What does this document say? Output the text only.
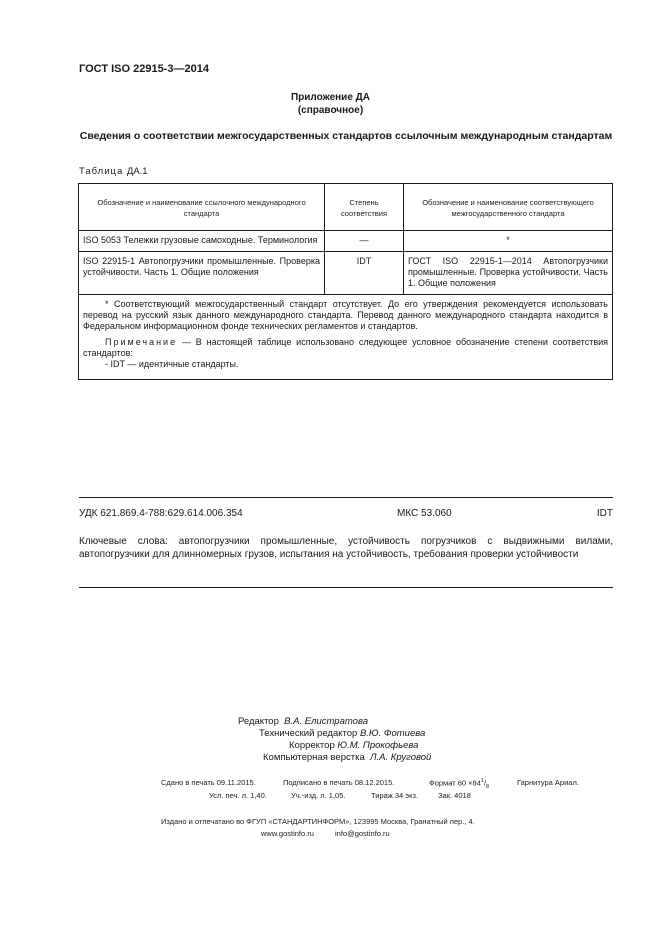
ГОСТ ISO 22915-3—2014
Приложение ДА
(справочное)
Сведения о соответствии межгосударственных стандартов ссылочным международным стандартам
Таблица ДА.1
Обозначение и наименование ссылочного международного стандарта	Степень соответствия	Обозначение и наименование соответствующего межгосударственного стандарта
ISO 5053 Тележки грузовые самоходные. Терминология	—	*
ISO 22915-1 Автопогрузчики промышленные. Проверка устойчивости. Часть 1. Общие положения	IDT	ГОСТ ISO 22915-1—2014 Автопогрузчики промышленные. Проверка устойчивости. Часть 1. Общие положения

* Соответствующий межгосударственный стандарт отсутствует. До его утверждения рекомендуется использовать перевод на русский язык данного международного стандарта. Перевод данного международного стандарта находится в Федеральном информационном фонде технических регламентов и стандартов.

Примечание — В настоящей таблице использовано следующее условное обозначение степени соответствия стандартов:

- IDT — идентичные стандарты.		

УДК 621.869.4-788:629.614.006.354	МКС 53.060	IDT
Ключевые слова: автопогрузчики промышленные, устойчивость погрузчиков с выдвижными вилами, автопогрузчики для длинномерных грузов, испытания на устойчивость, требования проверки устойчивости
Редактор В.А. Елистратова
Технический редактор В.Ю. Фотиева
Корректор Ю.М. Прокофьева
Компьютерная верстка Л.А. Круговой
Сдано в печать 09.11.2015.	Подписано в печать 08.12.2015.	Формат $60 \times 84^1/_8$	Гарнитура Ариал.
Усл. печ. л. 1,40.	Уч.-изд. л. 1,05.	Тираж 34 экз.	Зак. 4018
Издано и отпечатано во ФГУП «СТАНДАРТИНФОРМ», 123995 Москва, Гранатный пер., 4.
www.gostinfo.ru	info@gostinfo.ru
